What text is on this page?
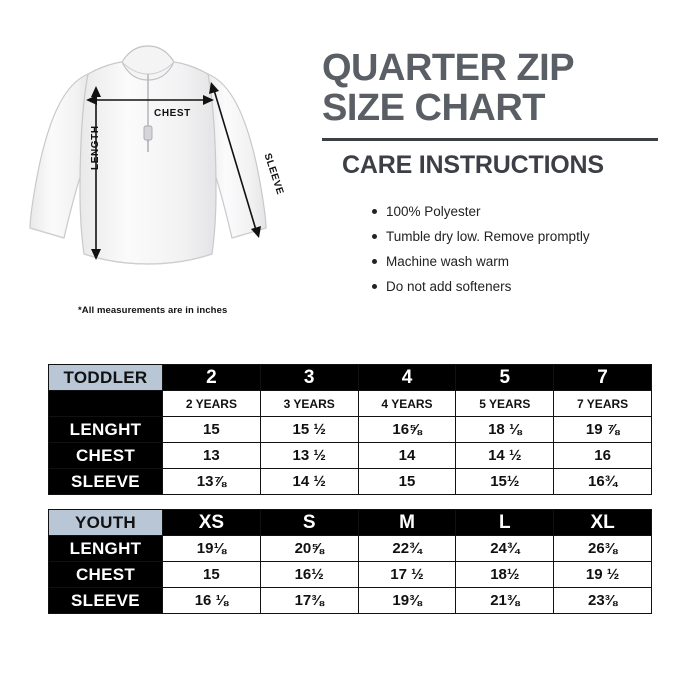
CHEST
LENGTH
SLEEVE
*All measurements are in inches
QUARTER ZIP
SIZE CHART
CARE INSTRUCTIONS
100% Polyester
Tumble dry low. Remove promptly
Machine wash warm
Do not add softeners
TODDLER	2	3	4	5	7
	2 YEARS	3 YEARS	4 YEARS	5 YEARS	7 YEARS
LENGHT	15	15 ½	16⅝	18 ⅛	19 ⅞
CHEST	13	13 ½	14	14 ½	16
SLEEVE	13⅞	14 ½	15	15½	16¾
YOUTH	XS	S	M	L	XL
LENGHT	19⅛	20⅝	22¾	24¾	26⅜
CHEST	15	16½	17 ½	18½	19 ½
SLEEVE	16 ⅛	17⅜	19⅜	21⅜	23⅜
